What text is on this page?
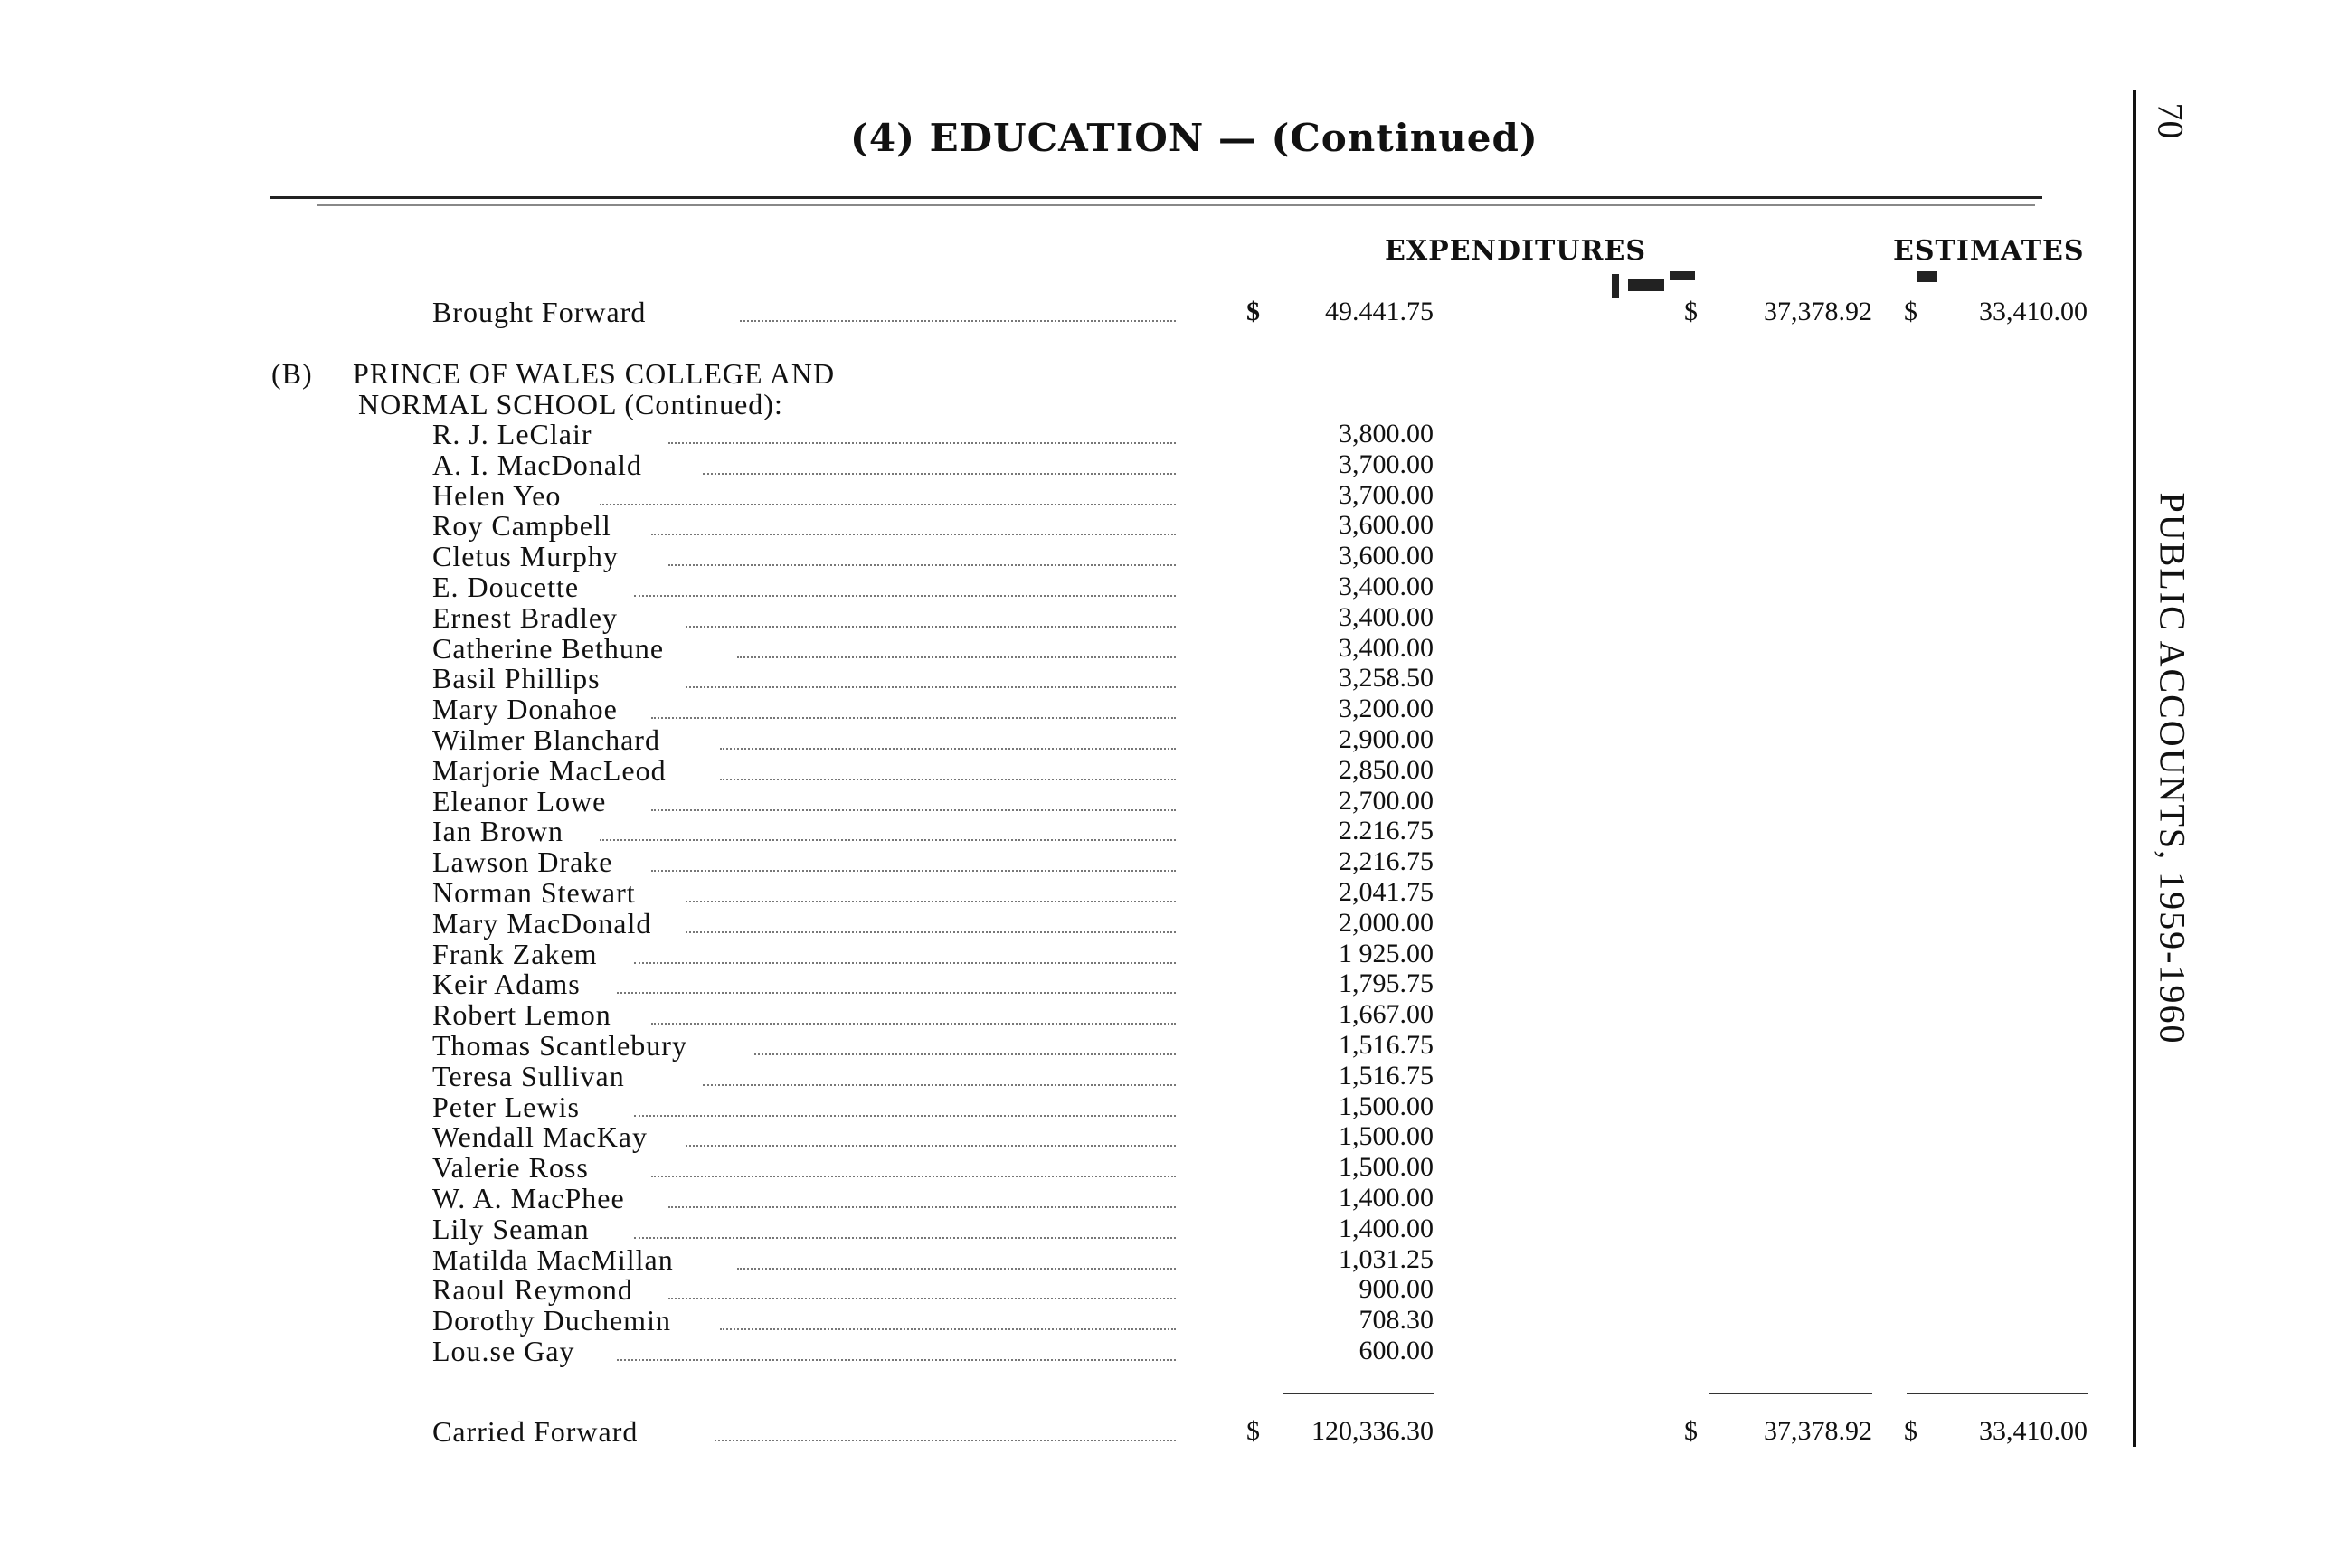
(4) EDUCATION — (Continued)
EXPENDITURES	ESTIMATES
70
PUBLIC ACCOUNTS, 1959-1960
Brought Forward	$ 49.441.75	$ 37,378.92 $ 33,410.00
(B) PRINCE OF WALES COLLEGE AND
NORMAL SCHOOL (Continued):
R. J. LeClair	3,800.00
A. I. MacDonald	3,700.00
Helen Yeo	3,700.00
Roy Campbell	3,600.00
Cletus Murphy	3,600.00
E. Doucette	3,400.00
Ernest Bradley	3,400.00
Catherine Bethune	3,400.00
Basil Phillips	3,258.50
Mary Donahoe	3,200.00
Wilmer Blanchard	2,900.00
Marjorie MacLeod	2,850.00
Eleanor Lowe	2,700.00
Ian Brown	2.216.75
Lawson Drake	2,216.75
Norman Stewart	2,041.75
Mary MacDonald	2,000.00
Frank Zakem	1 925.00
Keir Adams	1,795.75
Robert Lemon	1,667.00
Thomas Scantlebury	1,516.75
Teresa Sullivan	1,516.75
Peter Lewis	1,500.00
Wendall MacKay	1,500.00
Valerie Ross	1,500.00
W. A. MacPhee	1,400.00
Lily Seaman	1,400.00
Matilda MacMillan	1,031.25
Raoul Reymond	900.00
Dorothy Duchemin	708.30
Lou.se Gay	600.00
Carried Forward	$ 120,336.30	$ 37,378.92 $ 33,410.00
